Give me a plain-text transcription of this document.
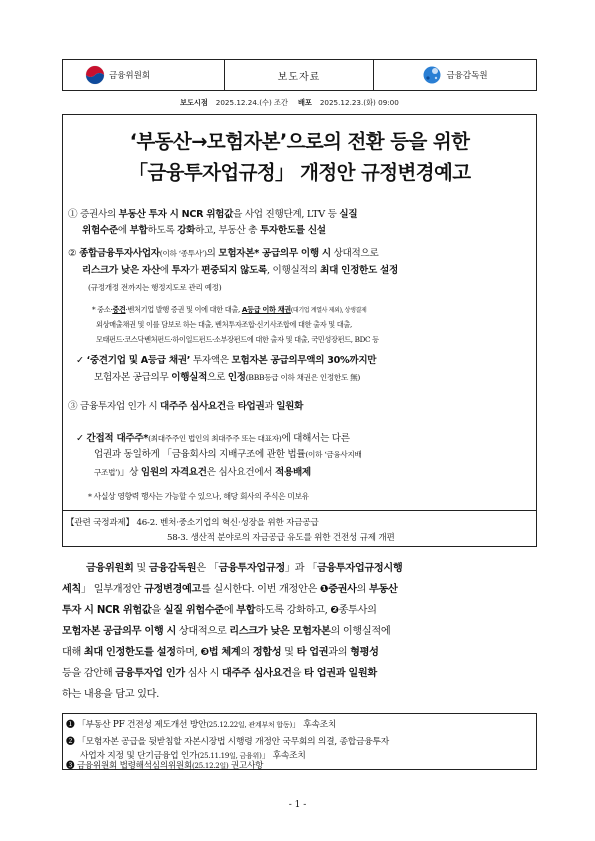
금융위원회	보도자료	금융감독원
보도시점 2025.12.24.(수) 조간 배포 2025.12.23.(화) 09:00
‘부동산→모험자본’으로의 전환 등을 위한
「금융투자업규정」 개정안 규정변경예고
① 증권사의 부동산 투자 시 NCR 위험값을 사업 진행단계, LTV 등 실질
위험수준에 부합하도록 강화하고, 부동산 총 투자한도를 신설
② 종합금융투자사업자(이하 ‘종투사’)의 모험자본* 공급의무 이행 시 상대적으로
리스크가 낮은 자산에 투자가 편중되지 않도록, 이행실적의 최대 인정한도 설정
(규정개정 전까지는 행정지도로 관리 예정)
* 중소·중견·벤처기업 발행 증권 및 이에 대한 대출, A등급 이하 채권(대기업 계열사 제외), 상생결제
외상매출채권 및 이를 담보로 하는 대출, 벤처투자조합·신기사조합에 대한 출자 및 대출,
모태펀드·코스닥벤처펀드·하이일드펀드·소부장펀드에 대한 출자 및 대출, 국민성장펀드, BDC 등
✓ ‘중견기업 및 A등급 채권’ 투자액은 모험자본 공급의무액의 30%까지만
모험자본 공급의무 이행실적으로 인정(BBB등급 이하 채권은 인정한도 無)
③ 금융투자업 인가 시 대주주 심사요건을 타업권과 일원화
✓ 간접적 대주주*(최대주주인 법인의 최대주주 또는 대표자)에 대해서는 다른
업권과 동일하게 「금융회사의 지배구조에 관한 법률(이하 ‘금융사지배
구조법’)」상 임원의 자격요건은 심사요건에서 적용배제
* 사실상 영향력 행사는 가능할 수 있으나, 해당 회사의 주식은 미보유
【관련 국정과제】 46-2. 벤처·중소기업의 혁신·성장을 위한 자금공급
58-3. 생산적 분야로의 자금공급 유도를 위한 건전성 규제 개편
금융위원회 및 금융감독원은 「금융투자업규정」과 「금융투자업규정시행
세칙」 일부개정안 규정변경예고를 실시한다. 이번 개정안은 ❶증권사의 부동산
투자 시 NCR 위험값을 실질 위험수준에 부합하도록 강화하고, ❷종투사의
모험자본 공급의무 이행 시 상대적으로 리스크가 낮은 모험자본의 이행실적에
대해 최대 인정한도를 설정하며, ❸법 체계의 정합성 및 타 업권과의 형평성
등을 감안해 금융투자업 인가 심사 시 대주주 심사요건을 타 업권과 일원화
하는 내용을 담고 있다.
❶ 「부동산 PF 건전성 제도개선 방안(25.12.22일, 관계부처 합동)」 후속조치
❷ 「모험자본 공급을 뒷받침할 자본시장법 시행령 개정안 국무회의 의결, 종합금융투자
사업자 지정 및 단기금융업 인가(25.11.19일, 금융위)」 후속조치
❸ 금융위원회 법령해석심의위원회(25.12.2일) 권고사항
- 1 -
